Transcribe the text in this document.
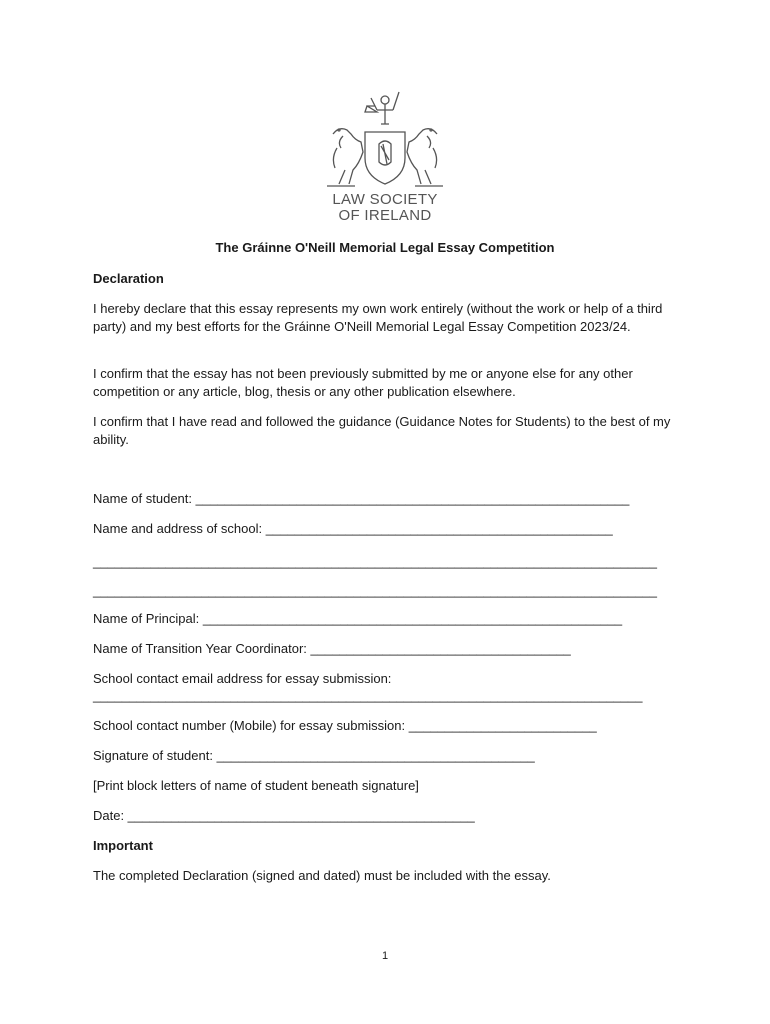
LAW SOCIETY
OF IRELAND
The Gráinne O'Neill Memorial Legal Essay Competition
Declaration
I hereby declare that this essay represents my own work entirely (without the work or help of a third party) and my best efforts for the Gráinne O'Neill Memorial Legal Essay Competition 2023/24.
I confirm that the essay has not been previously submitted by me or anyone else for any other competition or any article, blog, thesis or any other publication elsewhere.
I confirm that I have read and followed the guidance (Guidance Notes for Students) to the best of my ability.
Name of student: ____________________________________________________________
Name and address of school: ________________________________________________
______________________________________________________________________________
______________________________________________________________________________
Name of Principal: __________________________________________________________
Name of Transition Year Coordinator: ____________________________________
School contact email address for essay submission:
____________________________________________________________________________
School contact number (Mobile) for essay submission: __________________________
Signature of student: ____________________________________________
[Print block letters of name of student beneath signature]
Date: ________________________________________________
Important
The completed Declaration (signed and dated) must be included with the essay.
1
